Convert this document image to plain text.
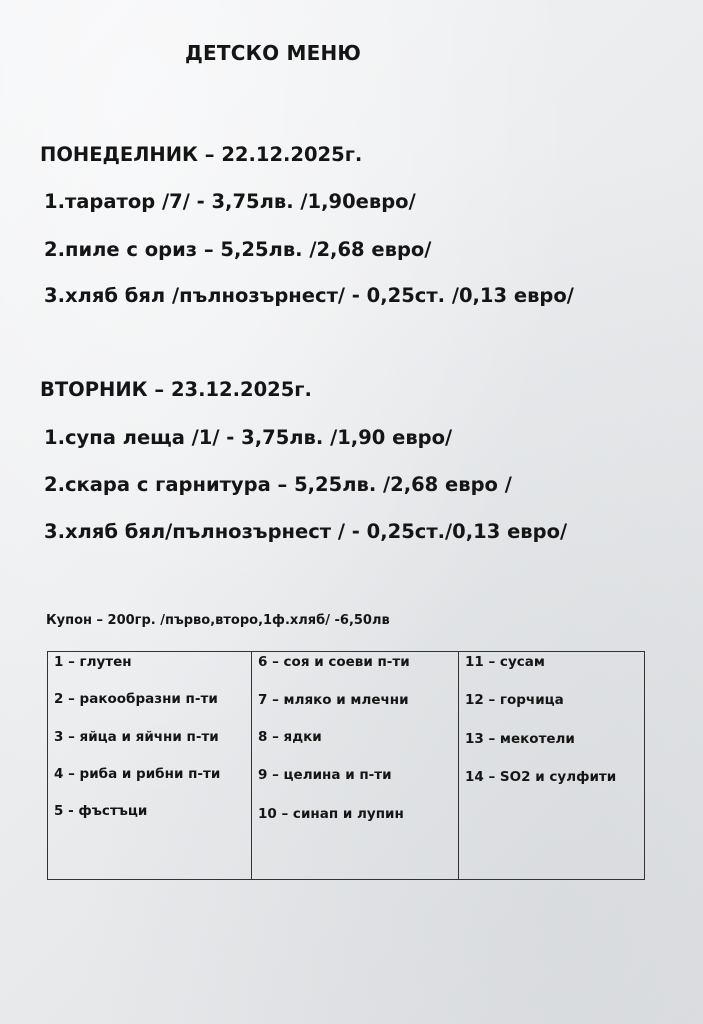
ДЕТСКО МЕНЮ
ПОНЕДЕЛНИК – 22.12.2025г.
1.таратор /7/ - 3,75лв. /1,90евро/
2.пиле с ориз – 5,25лв. /2,68 евро/
3.хляб бял /пълнозърнест/ - 0,25ст. /0,13 евро/
ВТОРНИК – 23.12.2025г.
1.супа леща /1/ - 3,75лв. /1,90 евро/
2.скара с гарнитура – 5,25лв. /2,68 евро /
3.хляб бял/пълнозърнест / - 0,25ст./0,13 евро/
Купон – 200гр. /първо,второ,1ф.хляб/ -6,50лв
1 – глутен
2 – ракообразни п-ти
3 – яйца и яйчни п-ти
4 – риба и рибни п-ти
5 - фъстъци
6 – соя и соеви п-ти
7 – мляко и млечни
8 – ядки
9 – целина и п-ти
10 – синап и лупин
11 – сусам
12 – горчица
13 – мекотели
14 – SO2 и сулфити
